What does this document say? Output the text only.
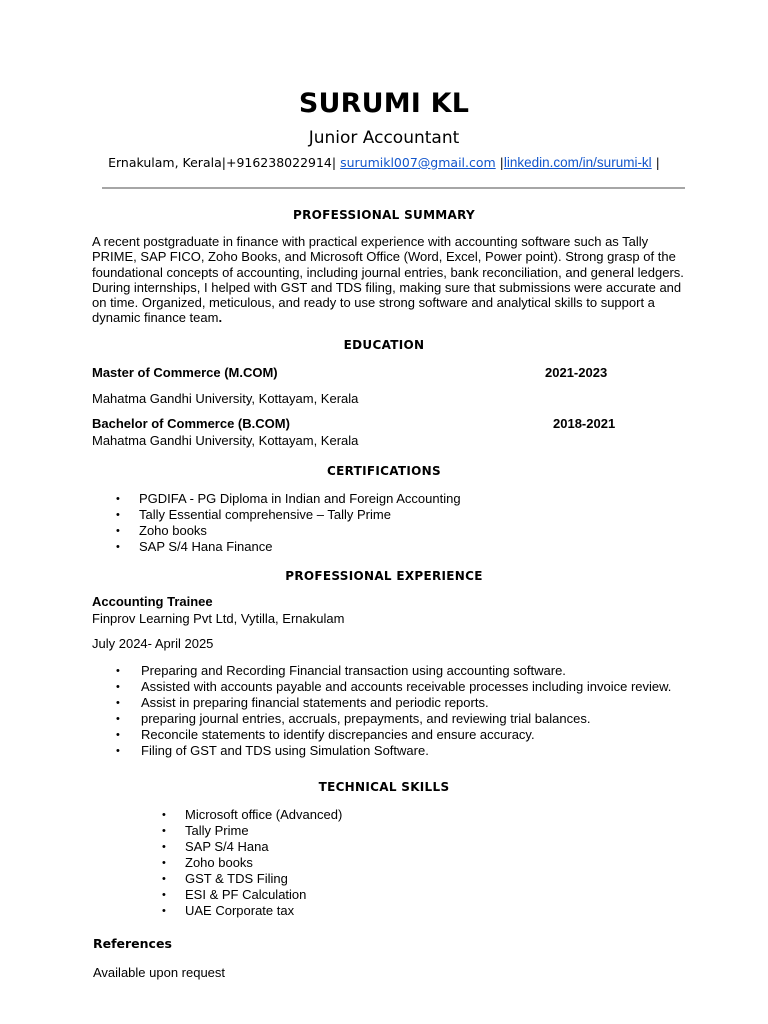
SURUMI KL
Junior Accountant
Ernakulam, Kerala|+916238022914| surumikl007@gmail.com |linkedin.com/in/surumi-kl |
PROFESSIONAL SUMMARY
A recent postgraduate in finance with practical experience with accounting software such as Tally PRIME, SAP FICO, Zoho Books, and Microsoft Office (Word, Excel, Power point). Strong grasp of the foundational concepts of accounting, including journal entries, bank reconciliation, and general ledgers. During internships, I helped with GST and TDS filing, making sure that submissions were accurate and on time. Organized, meticulous, and ready to use strong software and analytical skills to support a dynamic finance team.
EDUCATION
Master of Commerce (M.COM)	2021-2023
Mahatma Gandhi University, Kottayam, Kerala
Bachelor of Commerce (B.COM)	2018-2021
Mahatma Gandhi University, Kottayam, Kerala
CERTIFICATIONS
• PGDIFA - PG Diploma in Indian and Foreign Accounting
• Tally Essential comprehensive – Tally Prime
• Zoho books
• SAP S/4 Hana Finance
PROFESSIONAL EXPERIENCE
Accounting Trainee
Finprov Learning Pvt Ltd, Vytilla, Ernakulam
July 2024- April 2025
• Preparing and Recording Financial transaction using accounting software.
• Assisted with accounts payable and accounts receivable processes including invoice review.
• Assist in preparing financial statements and periodic reports.
• preparing journal entries, accruals, prepayments, and reviewing trial balances.
• Reconcile statements to identify discrepancies and ensure accuracy.
• Filing of GST and TDS using Simulation Software.
TECHNICAL SKILLS
• Microsoft office (Advanced)
• Tally Prime
• SAP S/4 Hana
• Zoho books
• GST & TDS Filing
• ESI & PF Calculation
• UAE Corporate tax
References
Available upon request
